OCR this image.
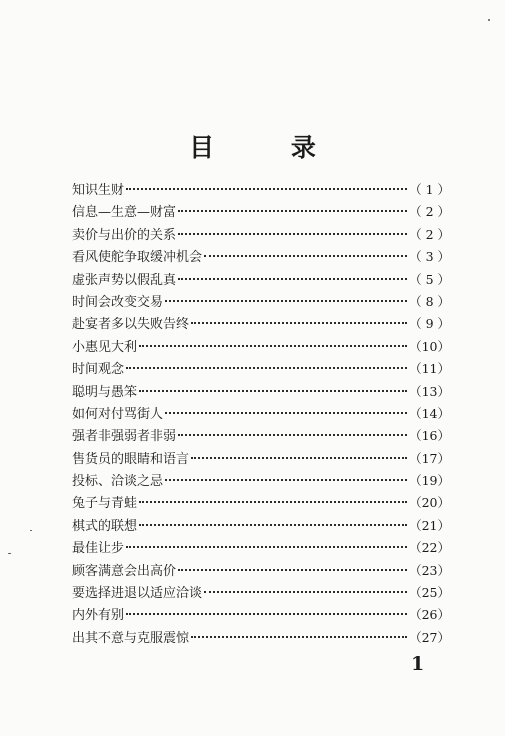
目 录
知识生财	（ 1 ）
信息—生意—财富	（ 2 ）
卖价与出价的关系	（ 2 ）
看风使舵争取缓冲机会	（ 3 ）
虚张声势以假乱真	（ 5 ）
时间会改变交易	（ 8 ）
赴宴者多以失败告终	（ 9 ）
小惠见大利	（10）
时间观念	（11）
聪明与愚笨	（13）
如何对付骂街人	（14）
强者非强弱者非弱	（16）
售货员的眼睛和语言	（17）
投标、洽谈之忌	（19）
兔子与青蛙	（20）
棋式的联想	（21）
最佳让步	（22）
顾客满意会出高价	（23）
要选择进退以适应洽谈	（25）
内外有别	（26）
出其不意与克服震惊	（27）
1
